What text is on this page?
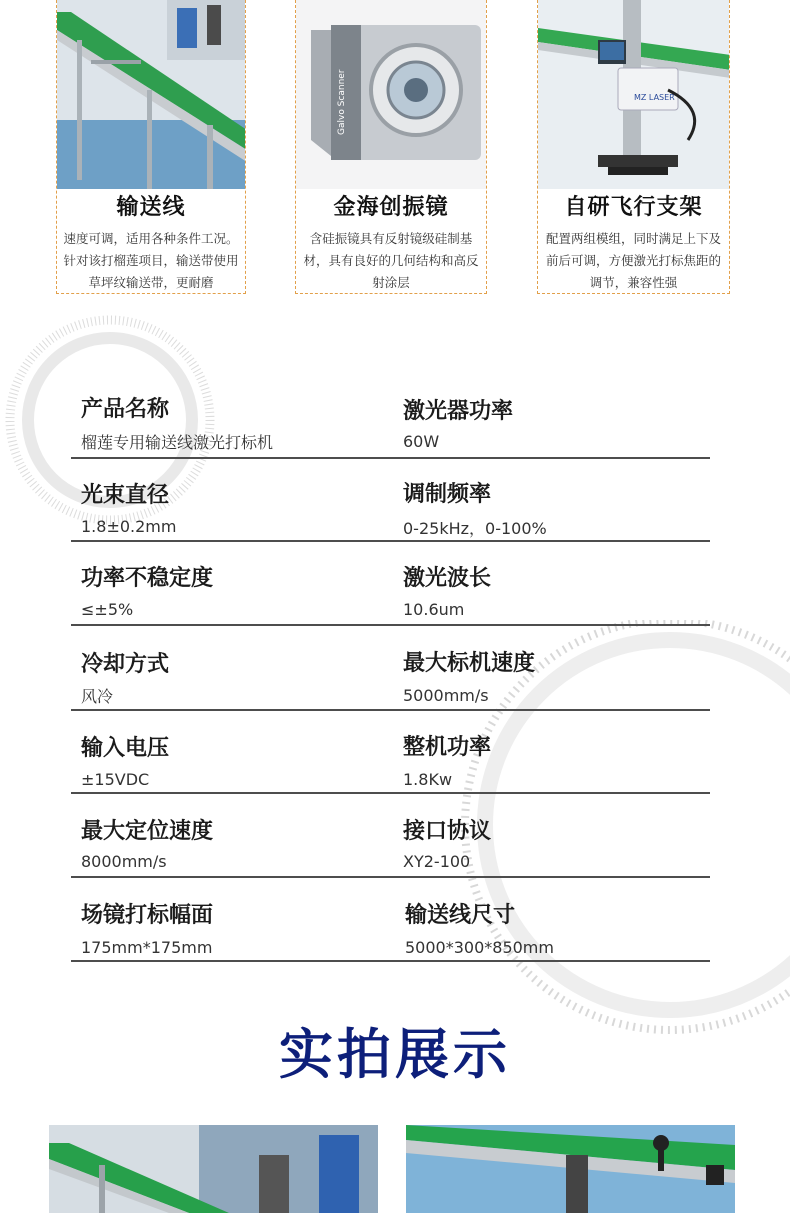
输送线
速度可调，适用各种条件工况。针对该打榴莲项目，输送带使用草坪纹输送带，更耐磨
Galvo Scanner
金海创振镜
含硅振镜具有反射镜级硅制基材，具有良好的几何结构和高反射涂层
MZ LASER
自研飞行支架
配置两组模组，同时满足上下及前后可调，方便激光打标焦距的调节，兼容性强
产品名称
榴莲专用输送线激光打标机
激光器功率
60W
光束直径
1.8±0.2mm
调制频率
0-25kHz，0-100%
功率不稳定度
≤±5%
激光波长
10.6um
冷却方式
风冷
最大标机速度
5000mm/s
输入电压
±15VDC
整机功率
1.8Kw
最大定位速度
8000mm/s
接口协议
XY2-100
场镜打标幅面
175mm*175mm
输送线尺寸
5000*300*850mm
实拍展示
